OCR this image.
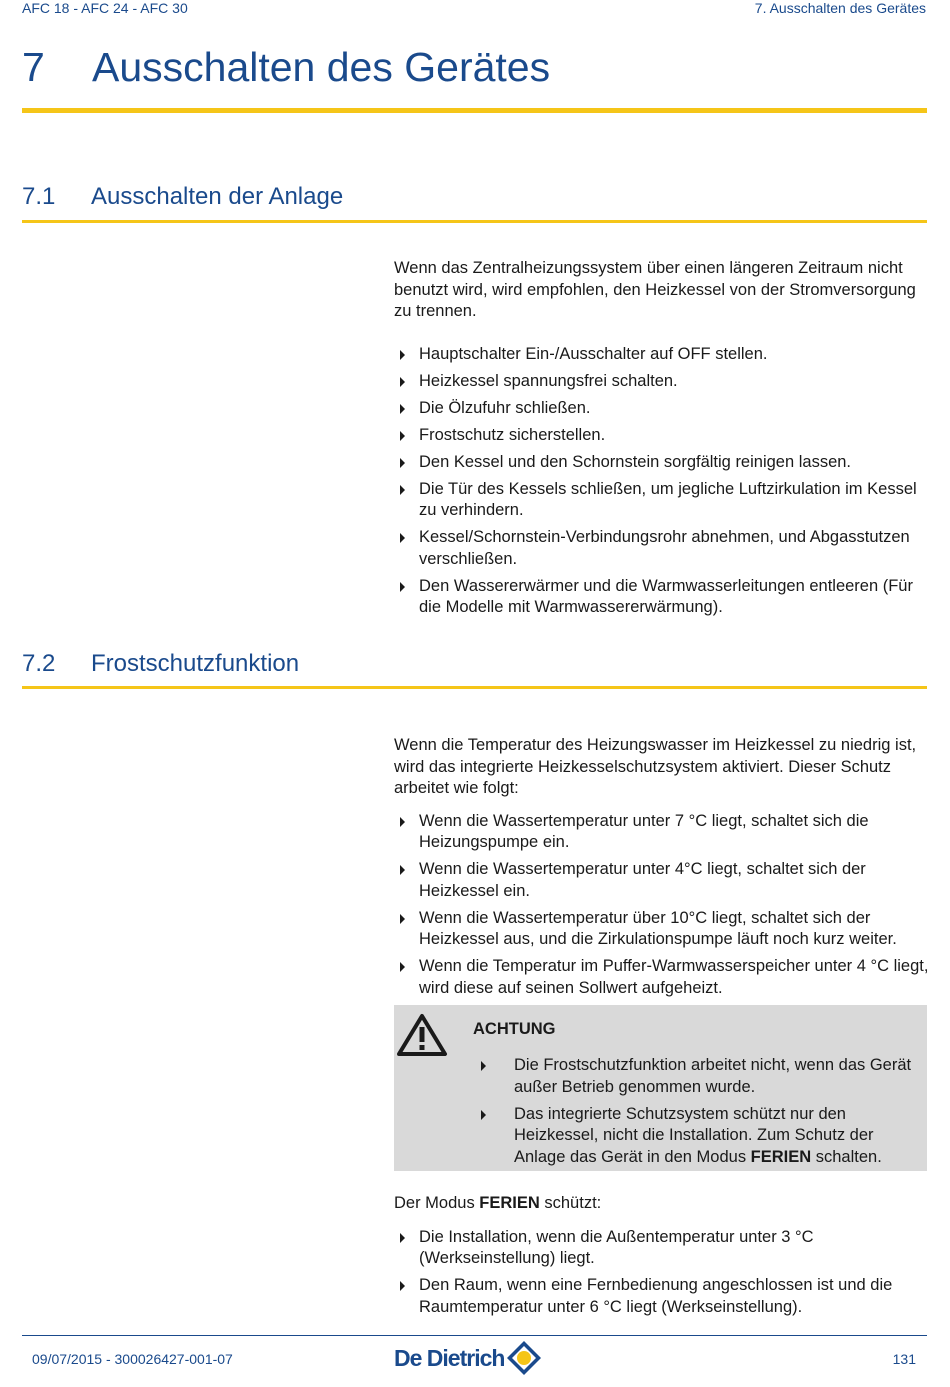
AFC 18 - AFC 24 - AFC 30	7. Ausschalten des Gerätes
7 Ausschalten des Gerätes
7.1 Ausschalten der Anlage

Wenn das Zentralheizungssystem über einen längeren Zeitraum nicht benutzt wird, wird empfohlen, den Heizkessel von der Stromversorgung zu trennen.

Hauptschalter Ein-/Ausschalter auf OFF stellen.
Heizkessel spannungsfrei schalten.
Die Ölzufuhr schließen.
Frostschutz sicherstellen.
Den Kessel und den Schornstein sorgfältig reinigen lassen.
Die Tür des Kessels schließen, um jegliche Luftzirkulation im Kessel zu verhindern.
Kessel/Schornstein-Verbindungsrohr abnehmen, und Abgasstutzen verschließen.
Den Wassererwärmer und die Warmwasserleitungen entleeren (Für die Modelle mit Warmwassererwärmung).
7.2 Frostschutzfunktion

Wenn die Temperatur des Heizungswasser im Heizkessel zu niedrig ist, wird das integrierte Heizkesselschutzsystem aktiviert. Dieser Schutz arbeitet wie folgt:

Wenn die Wassertemperatur unter 7 °C liegt, schaltet sich die Heizungspumpe ein.
Wenn die Wassertemperatur unter 4°C liegt, schaltet sich der Heizkessel ein.
Wenn die Wassertemperatur über 10°C liegt, schaltet sich der Heizkessel aus, und die Zirkulationspumpe läuft noch kurz weiter.
Wenn die Temperatur im Puffer-Warmwasserspeicher unter 4 °C liegt, wird diese auf seinen Sollwert aufgeheizt.
ACHTUNG
Die Frostschutzfunktion arbeitet nicht, wenn das Gerät außer Betrieb genommen wurde.
Das integrierte Schutzsystem schützt nur den Heizkessel, nicht die Installation. Zum Schutz der Anlage das Gerät in den Modus FERIEN schalten.

Der Modus FERIEN schützt:

Die Installation, wenn die Außentemperatur unter 3 °C (Werkseinstellung) liegt.
Den Raum, wenn eine Fernbedienung angeschlossen ist und die Raumtemperatur unter 6 °C liegt (Werkseinstellung).
09/07/2015 - 300026427-001-07	De Dietrich	131
